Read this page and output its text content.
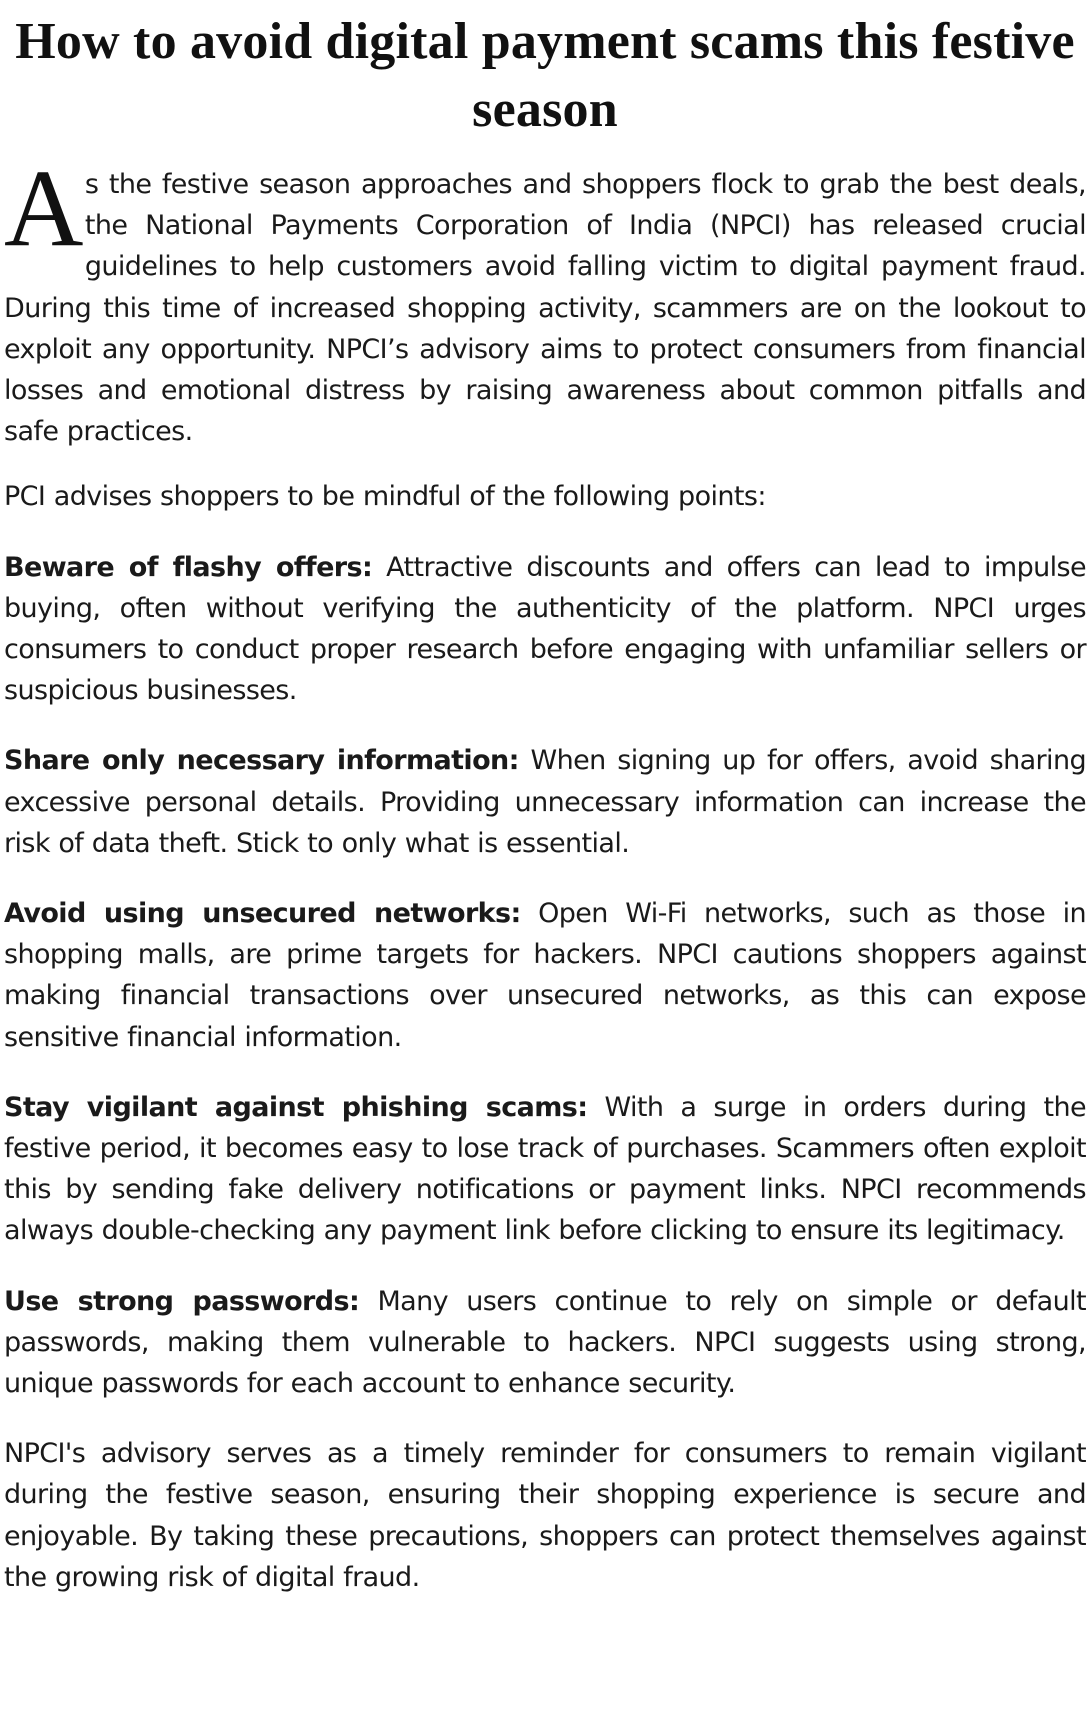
How to avoid digital payment scams this festive season
As the festive season approaches and shoppers flock to grab the best deals, the National Payments Corporation of India (NPCI) has released crucial guidelines to help customers avoid falling victim to digital payment fraud. During this time of increased shopping activity, scammers are on the lookout to exploit any opportunity. NPCI’s advisory aims to protect consumers from financial losses and emotional distress by raising awareness about common pitfalls and safe practices.

PCI advises shoppers to be mindful of the following points:

Beware of flashy offers: Attractive discounts and offers can lead to impulse buying, often without verifying the authenticity of the platform. NPCI urges consumers to conduct proper research before engaging with unfamiliar sellers or suspicious businesses.

Share only necessary information: When signing up for offers, avoid sharing excessive personal details. Providing unnecessary information can increase the risk of data theft. Stick to only what is essential.

Avoid using unsecured networks: Open Wi-Fi networks, such as those in shopping malls, are prime targets for hackers. NPCI cautions shoppers against making financial transactions over unsecured networks, as this can expose sensitive financial information.

Stay vigilant against phishing scams: With a surge in orders during the festive period, it becomes easy to lose track of purchases. Scammers often exploit this by sending fake delivery notifications or payment links. NPCI recommends always double-checking any payment link before clicking to ensure its legitimacy.

Use strong passwords: Many users continue to rely on simple or default passwords, making them vulnerable to hackers. NPCI suggests using strong, unique passwords for each account to enhance security.

NPCI's advisory serves as a timely reminder for consumers to remain vigilant during the festive season, ensuring their shopping experience is secure and enjoyable. By taking these precautions, shoppers can protect themselves against the growing risk of digital fraud.
